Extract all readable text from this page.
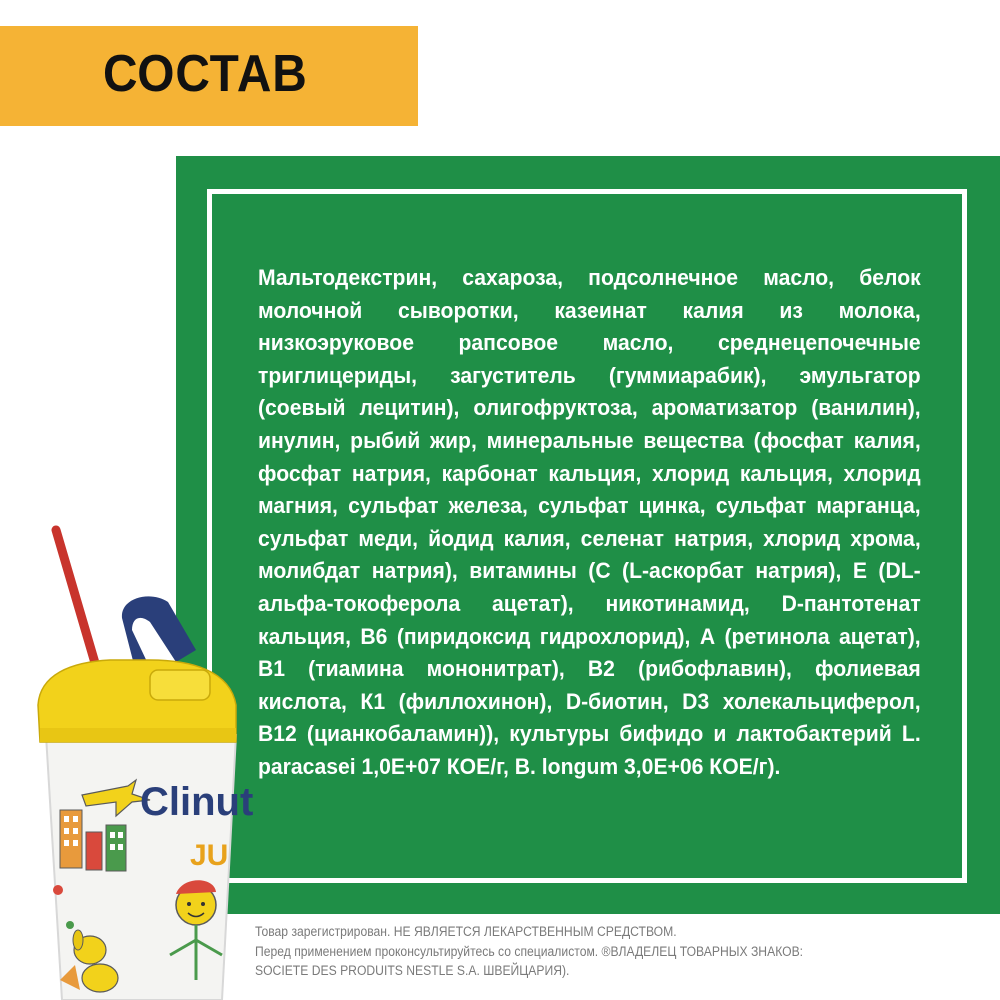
СОСТАВ
Мальтодекстрин, сахароза, подсолнечное масло, белок молочной сыворотки, казеинат калия из молока, низкоэруковое рапсовое масло, среднецепочечные триглицериды, загуститель (гуммиарабик), эмульгатор (соевый лецитин), олигофруктоза, ароматизатор (ванилин), инулин, рыбий жир, минеральные вещества (фосфат калия, фосфат натрия, карбонат кальция, хлорид кальция, хлорид магния, сульфат железа, сульфат цинка, сульфат марганца, сульфат меди, йодид калия, селенат натрия, хлорид хрома, молибдат натрия), витамины (С (L-аскорбат натрия), Е (DL-альфа-токоферола ацетат), никотинамид, D-пантотенат кальция, В6 (пиридоксид гидрохлорид), А (ретинола ацетат), В1 (тиамина мононитрат), В2 (рибофлавин), фолиевая кислота, К1 (филлохинон), D-биотин, D3 холекальциферол, В12 (цианкобаламин)), культуры бифидо и лактобактерий L. paracasei 1,0Е+07 КОЕ/г, B. longum 3,0Е+06 КОЕ/г).
Товар зарегистрирован. НЕ ЯВЛЯЕТСЯ ЛЕКАРСТВЕННЫМ СРЕДСТВОМ.
Перед применением проконсультируйтесь со специалистом. ®ВЛАДЕЛЕЦ ТОВАРНЫХ ЗНАКОВ:
SOCIETE DES PRODUITS NESTLE S.A. ШВЕЙЦАРИЯ).
Clinut
JU
